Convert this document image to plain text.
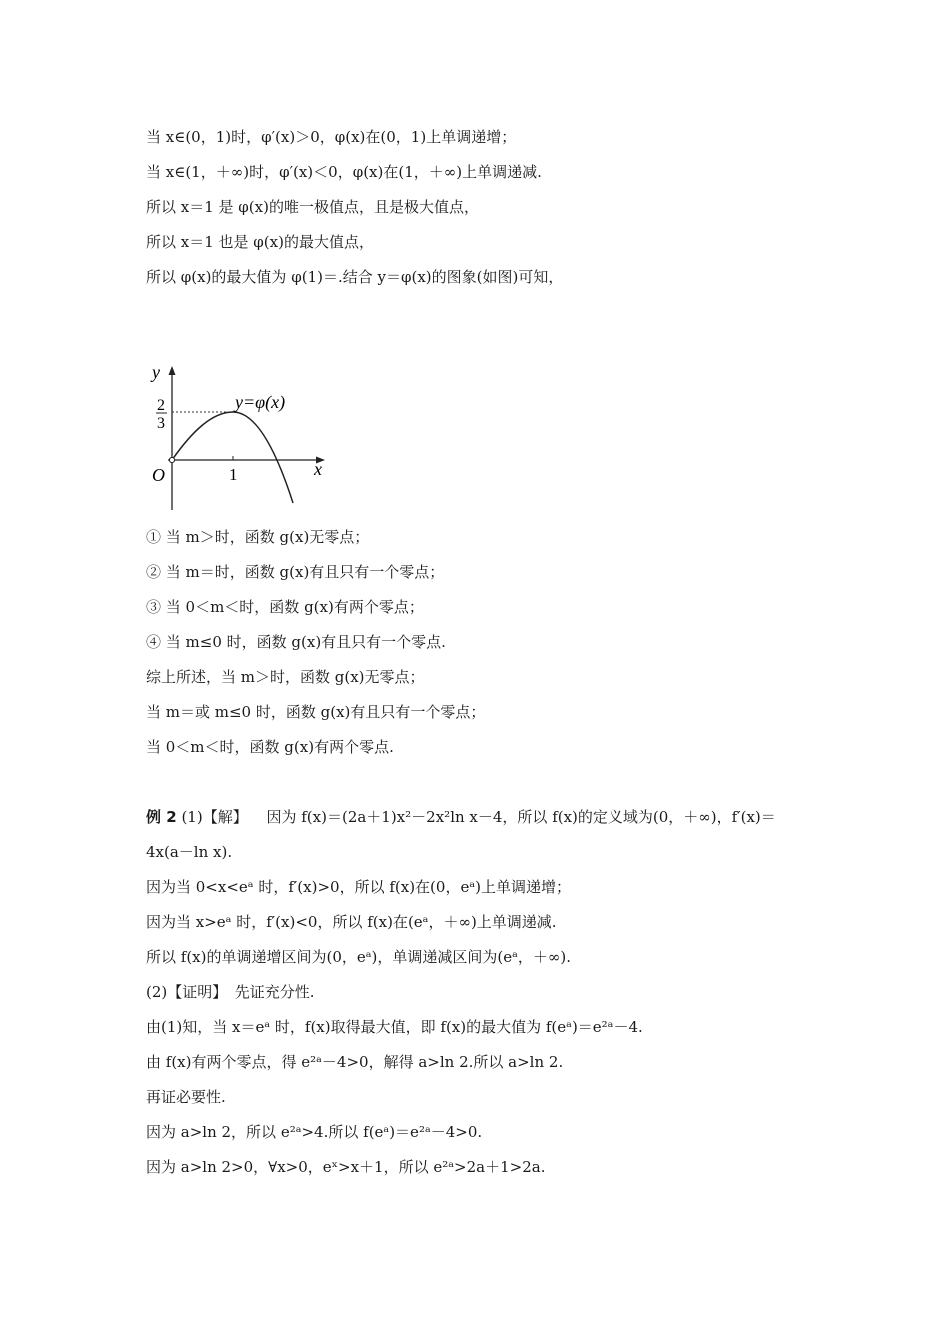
当 x∈(0，1)时，φ′(x)＞0，φ(x)在(0，1)上单调递增；
当 x∈(1，＋∞)时，φ′(x)＜0，φ(x)在(1，＋∞)上单调递减.
所以 x＝1 是 φ(x)的唯一极值点，且是极大值点，
所以 x＝1 也是 φ(x)的最大值点，
所以 φ(x)的最大值为 φ(1)＝.结合 y＝φ(x)的图象(如图)可知，
y
x
O	1
2
3
y=φ(x)
① 当 m＞时，函数 g(x)无零点；
② 当 m＝时，函数 g(x)有且只有一个零点；
③ 当 0＜m＜时，函数 g(x)有两个零点；
④ 当 m≤0 时，函数 g(x)有且只有一个零点.
综上所述，当 m＞时，函数 g(x)无零点；
当 m＝或 m≤0 时，函数 g(x)有且只有一个零点；
当 0＜m＜时，函数 g(x)有两个零点.
例 2 (1)【解】 因为 f(x)＝(2a＋1)x²－2x²ln x－4，所以 f(x)的定义域为(0，＋∞)，f′(x)＝
4x(a－ln x).
因为当 0<x<eᵃ 时，f′(x)>0，所以 f(x)在(0，eᵃ)上单调递增；
因为当 x>eᵃ 时，f′(x)<0，所以 f(x)在(eᵃ，＋∞)上单调递减.
所以 f(x)的单调递增区间为(0，eᵃ)，单调递减区间为(eᵃ，＋∞).
(2)【证明】　先证充分性.
由(1)知，当 x＝eᵃ 时，f(x)取得最大值，即 f(x)的最大值为 f(eᵃ)＝e²ᵃ－4.
由 f(x)有两个零点，得 e²ᵃ－4>0，解得 a>ln 2.所以 a>ln 2.
再证必要性.
因为 a>ln 2，所以 e²ᵃ>4.所以 f(eᵃ)＝e²ᵃ－4>0.
因为 a>ln 2>0，∀x>0，eˣ>x＋1，所以 e²ᵃ>2a＋1>2a.
